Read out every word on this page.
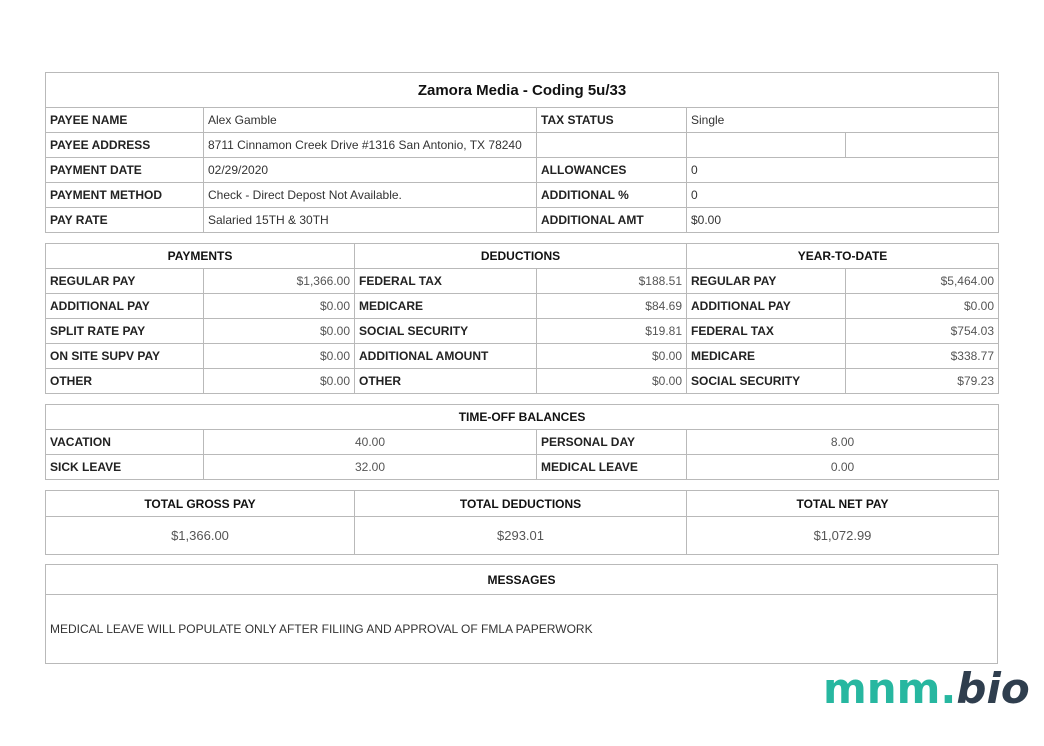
Zamora Media - Coding 5u/33				
PAYEE NAME	Alex Gamble	TAX STATUS	Single	
PAYEE ADDRESS	8711 Cinnamon Creek Drive #1316 San Antonio, TX 78240			
PAYMENT DATE	02/29/2020	ALLOWANCES	0	
PAYMENT METHOD	Check - Direct Depost Not Available.	ADDITIONAL %	0	
PAY RATE	Salaried 15TH & 30TH	ADDITIONAL AMT	$0.00	
PAYMENTS		DEDUCTIONS		YEAR-TO-DATE	
REGULAR PAY	$1,366.00	FEDERAL TAX	$188.51	REGULAR PAY	$5,464.00
ADDITIONAL PAY	$0.00	MEDICARE	$84.69	ADDITIONAL PAY	$0.00
SPLIT RATE PAY	$0.00	SOCIAL SECURITY	$19.81	FEDERAL TAX	$754.03
ON SITE SUPV PAY	$0.00	ADDITIONAL AMOUNT	$0.00	MEDICARE	$338.77
OTHER	$0.00	OTHER	$0.00	SOCIAL SECURITY	$79.23
TIME-OFF BALANCES			
VACATION	40.00	PERSONAL DAY	8.00
SICK LEAVE	32.00	MEDICAL LEAVE	0.00
TOTAL GROSS PAY	TOTAL DEDUCTIONS	TOTAL NET PAY
$1,366.00	$293.01	$1,072.99
MESSAGES
MEDICAL LEAVE WILL POPULATE ONLY AFTER FILIING AND APPROVAL OF FMLA PAPERWORK
mnm.bio
